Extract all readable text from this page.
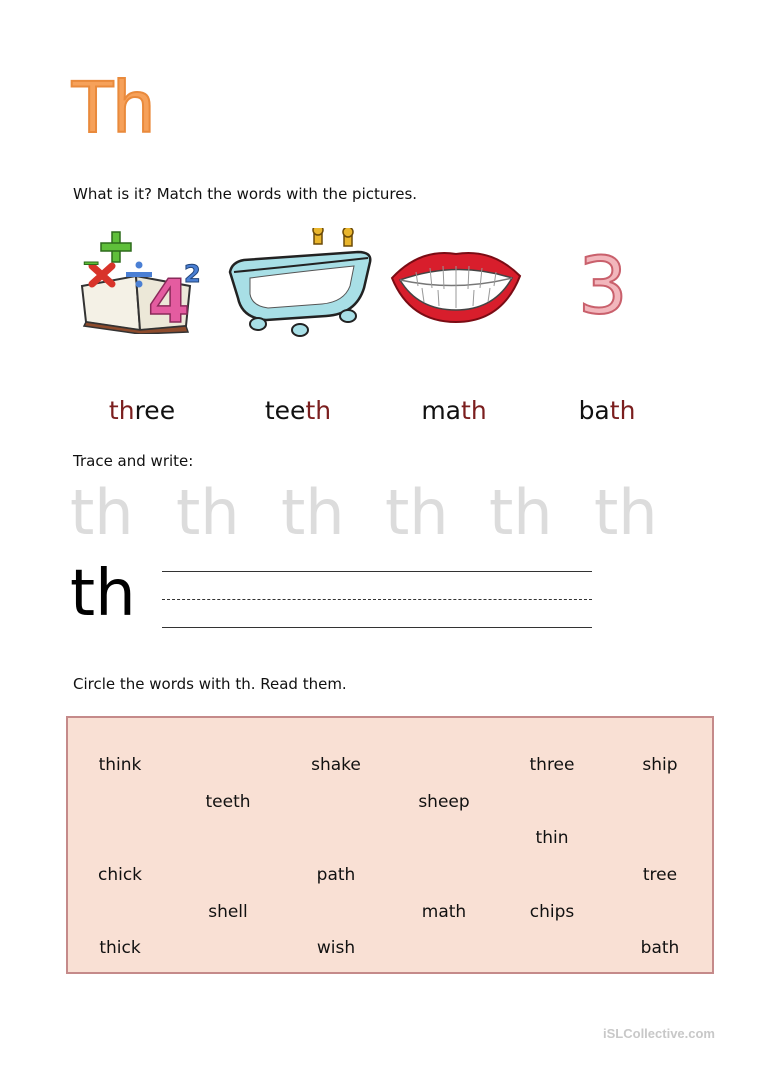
Th
What is it? Match the words with the pictures.
4
2
−	3
three	teeth	math	bath
Trace and write:
th th th th th th
th
Circle the words with th. Read them.
think	shake	three	ship
teeth	sheep
thin
chick	path	tree
shell	math	chips
thick	wish	bath
iSLCollective.com
